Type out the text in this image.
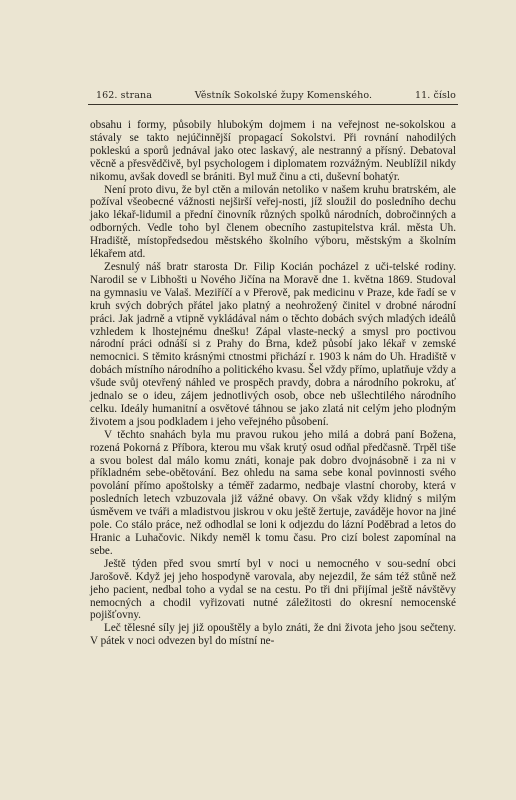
162. strana	Věstník Sokolské župy Komenského.	11. číslo

obsahu i formy, působily hlubokým dojmem i na veřejnost ne-sokolskou a stávaly se takto nejúčinnější propagací Sokolstvi. Při rovnání nahodilých pokleskú a sporů jednával jako otec laskavý, ale nestranný a přísný. Debatoval věcně a přesvědčivě, byl psychologem i diplomatem rozvážným. Neublížil nikdy nikomu, avšak dovedl se brániti. Byl muž činu a cti, duševní bohatýr.

Není proto divu, že byl ctěn a milován netoliko v našem kruhu bratrském, ale požíval všeobecné vážnosti nejširší veřej-nosti, jíž sloužil do posledního dechu jako lékař-lidumil a přední činovník různých spolků národních, dobročinných a odborných. Vedle toho byl členem obecního zastupitelstva král. města Uh. Hradiště, místopředsedou městského školního výboru, městským a školním lékařem atd.

Zesnulý náš bratr starosta Dr. Filip Kocián pocházel z uči-telské rodiny. Narodil se v Libhošti u Nového Jičína na Moravě dne 1. května 1869. Studoval na gymnasiu ve Valaš. Meziříčí a v Přerově, pak medicinu v Praze, kde řadí se v kruh svých dobrých přátel jako platný a neohrožený činitel v drobné národní práci. Jak jadrně a vtipně vykládával nám o těchto dobách svých mladých ideálů vzhledem k lhostejnému dnešku! Zápal vlaste-necký a smysl pro poctivou národní práci odnáší si z Prahy do Brna, kdež působí jako lékař v zemské nemocnici. S těmito krásnými ctnostmi přichází r. 1903 k nám do Uh. Hradiště v dobách místního národního a politického kvasu. Šel vždy přímo, uplatňuje vždy a všude svůj otevřený náhled ve prospěch pravdy, dobra a národního pokroku, ať jednalo se o ideu, zájem jednotlivých osob, obce neb ušlechtilého národního celku. Ideály humanitní a osvětové táhnou se jako zlatá nit celým jeho plodným životem a jsou podkladem i jeho veřejného působení.

V těchto snahách byla mu pravou rukou jeho milá a dobrá paní Božena, rozená Pokorná z Příbora, kterou mu však krutý osud odňal předčasně. Trpěl tiše a svou bolest dal málo komu znáti, konaje pak dobro dvojnásobně i za ni v příkladném sebe-obětování. Bez ohledu na sama sebe konal povinnosti svého povolání přímo apoštolsky a téměř zadarmo, nedbaje vlastní choroby, která v posledních letech vzbuzovala již vážné obavy. On však vždy klidný s milým úsměvem ve tváři a mladistvou jiskrou v oku ještě žertuje, zaváděje hovor na jiné pole. Co stálo práce, než odhodlal se loni k odjezdu do lázní Poděbrad a letos do Hranic a Luhačovic. Nikdy neměl k tomu času. Pro cizí bolest zapomínal na sebe.

Ještě týden před svou smrtí byl v noci u nemocného v sou-sední obci Jarošově. Když jej jeho hospodyně varovala, aby nejezdil, že sám též stůně než jeho pacient, nedbal toho a vydal se na cestu. Po tři dni přijímal ještě návštěvy nemocných a chodil vyřizovati nutné záležitosti do okresní nemocenské pojišťovny.

Leč tělesné síly jej již opouštěly a bylo znáti, že dni života jeho jsou sečteny. V pátek v noci odvezen byl do místní ne-
